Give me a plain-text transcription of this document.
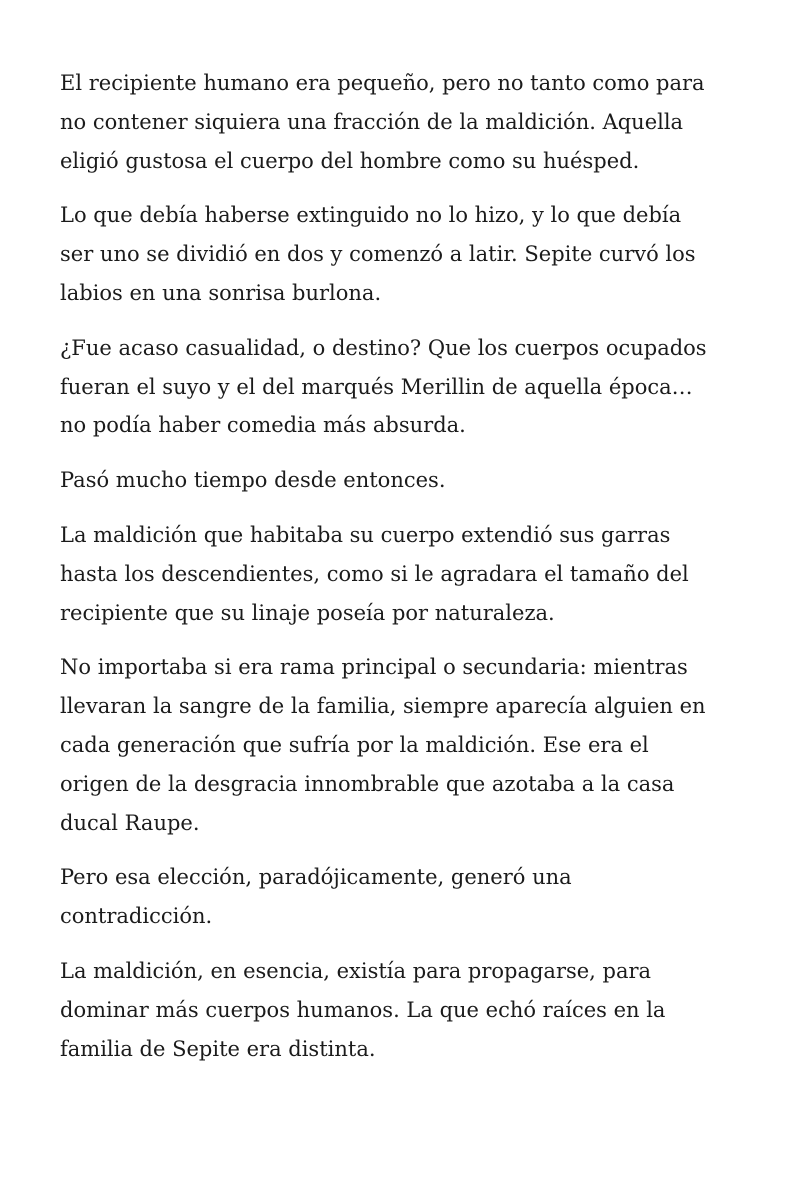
El recipiente humano era pequeño, pero no tanto como para
no contener siquiera una fracción de la maldición. Aquella
eligió gustosa el cuerpo del hombre como su huésped.

Lo que debía haberse extinguido no lo hizo, y lo que debía
ser uno se dividió en dos y comenzó a latir. Sepite curvó los
labios en una sonrisa burlona.

¿Fue acaso casualidad, o destino? Que los cuerpos ocupados
fueran el suyo y el del marqués Merillin de aquella época…
no podía haber comedia más absurda.

Pasó mucho tiempo desde entonces.

La maldición que habitaba su cuerpo extendió sus garras
hasta los descendientes, como si le agradara el tamaño del
recipiente que su linaje poseía por naturaleza.

No importaba si era rama principal o secundaria: mientras
llevaran la sangre de la familia, siempre aparecía alguien en
cada generación que sufría por la maldición. Ese era el
origen de la desgracia innombrable que azotaba a la casa
ducal Raupe.

Pero esa elección, paradójicamente, generó una
contradicción.

La maldición, en esencia, existía para propagarse, para
dominar más cuerpos humanos. La que echó raíces en la
familia de Sepite era distinta.
